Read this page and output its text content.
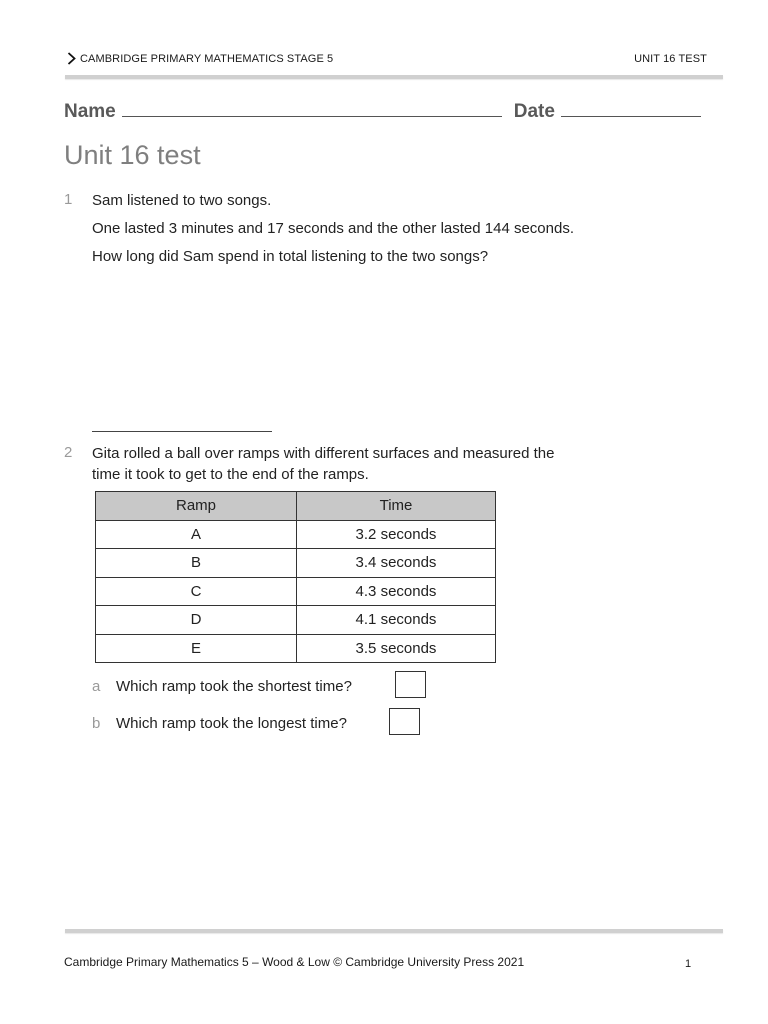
CAMBRIDGE PRIMARY MATHEMATICS STAGE 5	UNIT 16 TEST
Name	Date
Unit 16 test
1 Sam listened to two songs.
One lasted 3 minutes and 17 seconds and the other lasted 144 seconds.
How long did Sam spend in total listening to the two songs?
2 Gita rolled a ball over ramps with different surfaces and measured the
time it took to get to the end of the ramps.
Ramp	Time
A	3.2 seconds
B	3.4 seconds
C	4.3 seconds
D	4.1 seconds
E	3.5 seconds
a Which ramp took the shortest time?
b Which ramp took the longest time?
Cambridge Primary Mathematics 5 – Wood & Low © Cambridge University Press 2021	1
